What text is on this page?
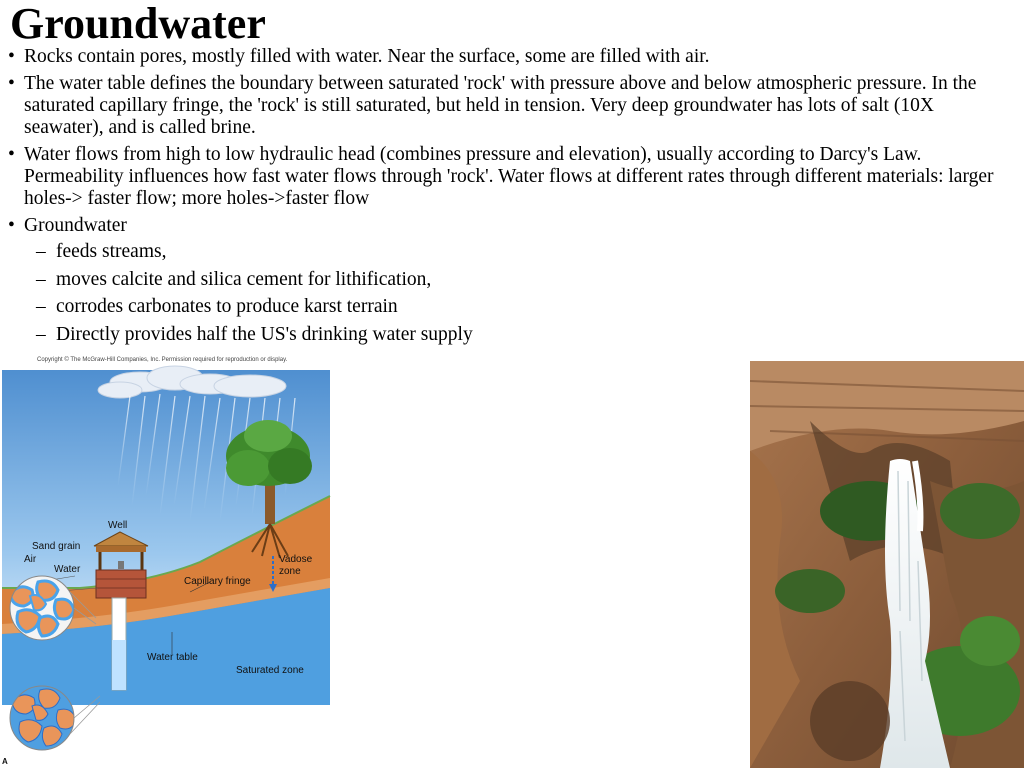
Groundwater
• Rocks contain pores, mostly filled with water. Near the surface, some are filled with air.
• The water table defines the boundary between saturated 'rock' with pressure above and below atmospheric pressure. In the saturated capillary fringe, the 'rock' is still saturated, but held in tension. Very deep groundwater has lots of salt (10X seawater), and is called brine.
• Water flows from high to low hydraulic head (combines pressure and elevation), usually according to Darcy's Law. Permeability influences how fast water flows through 'rock'. Water flows at different rates through different materials: larger holes-> faster flow; more holes->faster flow
• Groundwater
– feeds streams,
– moves calcite and silica cement for lithification,
– corrodes carbonates to produce karst terrain
– Directly provides half the US's drinking water supply
Copyright © The McGraw-Hill Companies, Inc. Permission required for reproduction or display.
Well
Sand grain
Air
Water
Vadose
zone
Capillary fringe
Water table
Saturated zone
A
